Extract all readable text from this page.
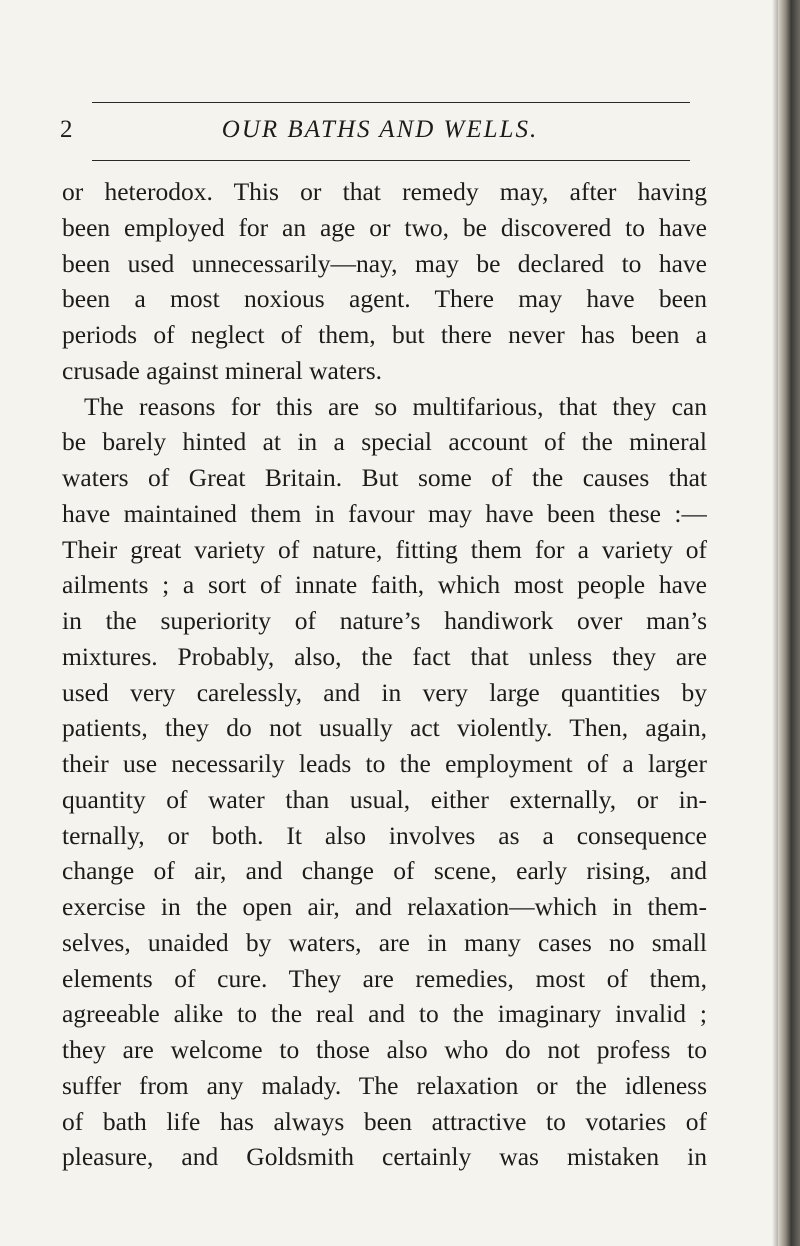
2	OUR BATHS AND WELLS.
or heterodox. This or that remedy may, after having
been employed for an age or two, be discovered to have
been used unnecessarily—nay, may be declared to have
been a most noxious agent. There may have been
periods of neglect of them, but there never has been a
crusade against mineral waters.
The reasons for this are so multifarious, that they can
be barely hinted at in a special account of the mineral
waters of Great Britain. But some of the causes that
have maintained them in favour may have been these :—
Their great variety of nature, fitting them for a variety of
ailments ; a sort of innate faith, which most people have
in the superiority of nature’s handiwork over man’s
mixtures. Probably, also, the fact that unless they are
used very carelessly, and in very large quantities by
patients, they do not usually act violently. Then, again,
their use necessarily leads to the employment of a larger
quantity of water than usual, either externally, or in-
ternally, or both. It also involves as a consequence
change of air, and change of scene, early rising, and
exercise in the open air, and relaxation—which in them-
selves, unaided by waters, are in many cases no small
elements of cure. They are remedies, most of them,
agreeable alike to the real and to the imaginary invalid ;
they are welcome to those also who do not profess to
suffer from any malady. The relaxation or the idleness
of bath life has always been attractive to votaries of
pleasure, and Goldsmith certainly was mistaken in
